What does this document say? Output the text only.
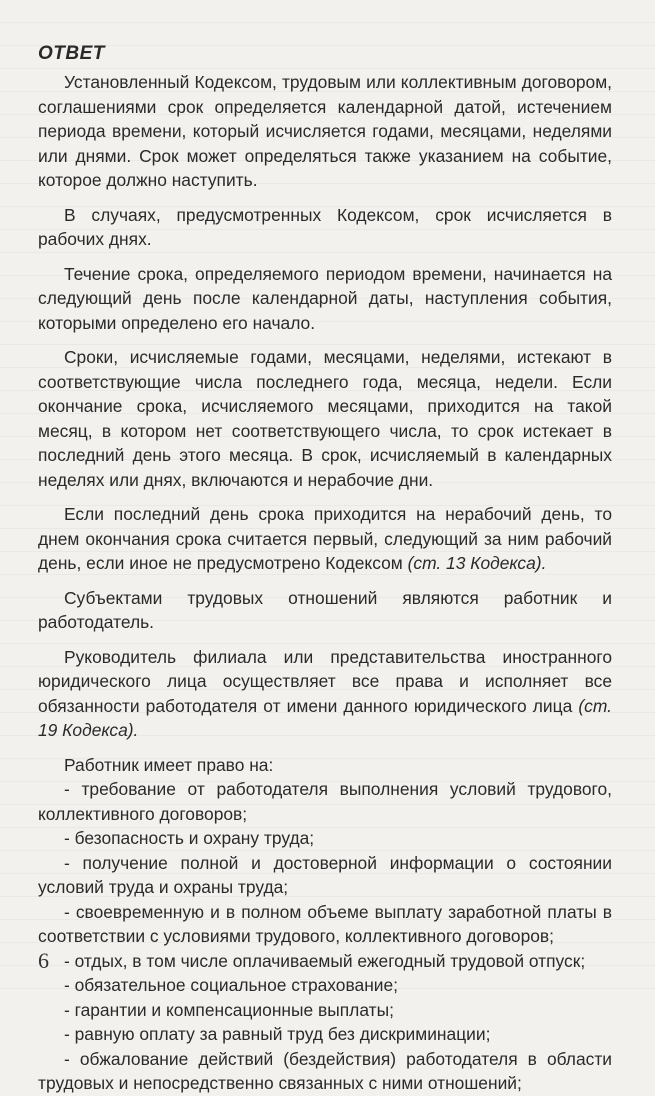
ОТВЕТ

Установленный Кодексом, трудовым или коллективным договором, соглашениями срок определяется календарной датой, истечением периода времени, который исчисляется годами, месяцами, неделями или днями. Срок может определяться также указанием на событие, которое должно наступить.

В случаях, предусмотренных Кодексом, срок исчисляется в рабочих днях.

Течение срока, определяемого периодом времени, начинается на следующий день после календарной даты, наступления события, которыми определено его начало.

Сроки, исчисляемые годами, месяцами, неделями, истекают в соответствующие числа последнего года, месяца, недели. Если окончание срока, исчисляемого месяцами, приходится на такой месяц, в котором нет соответствующего числа, то срок истекает в последний день этого месяца. В срок, исчисляемый в календарных неделях или днях, включаются и нерабочие дни.

Если последний день срока приходится на нерабочий день, то днем окончания срока считается первый, следующий за ним рабочий день, если иное не предусмотрено Кодексом (ст. 13 Кодекса).

Субъектами трудовых отношений являются работник и работодатель.

Руководитель филиала или представительства иностранного юридического лица осуществляет все права и исполняет все обязанности работодателя от имени данного юридического лица (ст. 19 Кодекса).

Работник имеет право на:

- требование от работодателя выполнения условий трудового, коллективного договоров;
- безопасность и охрану труда;
- получение полной и достоверной информации о состоянии условий труда и охраны труда;
- своевременную и в полном объеме выплату заработной платы в соответствии с условиями трудового, коллективного договоров;
- отдых, в том числе оплачиваемый ежегодный трудовой отпуск;
- обязательное социальное страхование;
- гарантии и компенсационные выплаты;
- равную оплату за равный труд без дискриминации;
- обжалование действий (бездействия) работодателя в области трудовых и непосредственно связанных с ними отношений;
6
